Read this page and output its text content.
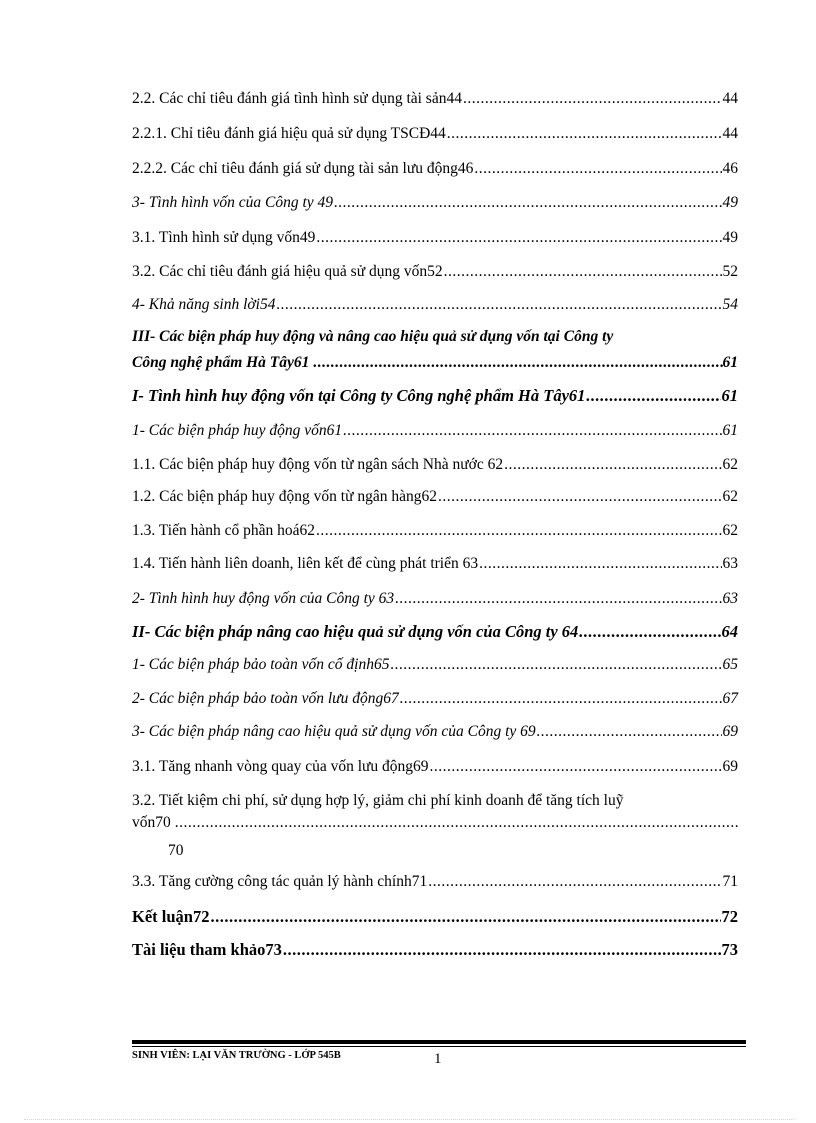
2.2. Các chỉ tiêu đánh giá tình hình sử dụng tài sản44 .....	44
2.2.1. Chỉ tiêu đánh giá hiệu quả sử dụng TSCĐ44 .....	44
2.2.2. Các chỉ tiêu đánh giá sử dụng tài sản lưu động46 .....	46
3- Tình hình vốn của Công ty 49 .....	49
3.1. Tình hình sử dụng vốn49 .....	49
3.2. Các chỉ tiêu đánh giá hiệu quả sử dụng vốn52 .....	52
4- Khả năng sinh lời54 .....	54
III- Các biện pháp huy động và nâng cao hiệu quả sử dụng vốn tại Công ty
Công nghệ phẩm Hà Tây61 .....	61
I- Tình hình huy động vốn tại Công ty Công nghệ phẩm Hà Tây61 .....	61
1- Các biện pháp huy động vốn61 .....	61
1.1. Các biện pháp huy động vốn từ ngân sách Nhà nước 62 .....	62
1.2. Các biện pháp huy động vốn từ ngân hàng62 .....	62
1.3. Tiến hành cổ phần hoá62 .....	62
1.4. Tiến hành liên doanh, liên kết để cùng phát triển 63 .....	63
2- Tình hình huy động vốn của Công ty 63 .....	63
II- Các biện pháp nâng cao hiệu quả sử dụng vốn của Công ty 64 .....	64
1- Các biện pháp bảo toàn vốn cố định65 .....	65
2- Các biện pháp bảo toàn vốn lưu động67 .....	67
3- Các biện pháp nâng cao hiệu quả sử dụng vốn của Công ty 69 .....	69
3.1. Tăng nhanh vòng quay của vốn lưu động69 .....	69
3.2. Tiết kiệm chi phí, sử dụng hợp lý, giảm chi phí kinh doanh để tăng tích luỹ
vốn70
.....
70
3.3. Tăng cường công tác quản lý hành chính71 .....	71
Kết luận72 .....	72
Tài liệu tham khảo73 .....	73
SINH VIÊN: LẠI VĂN TRƯỜNG - LỚP 545B	1
